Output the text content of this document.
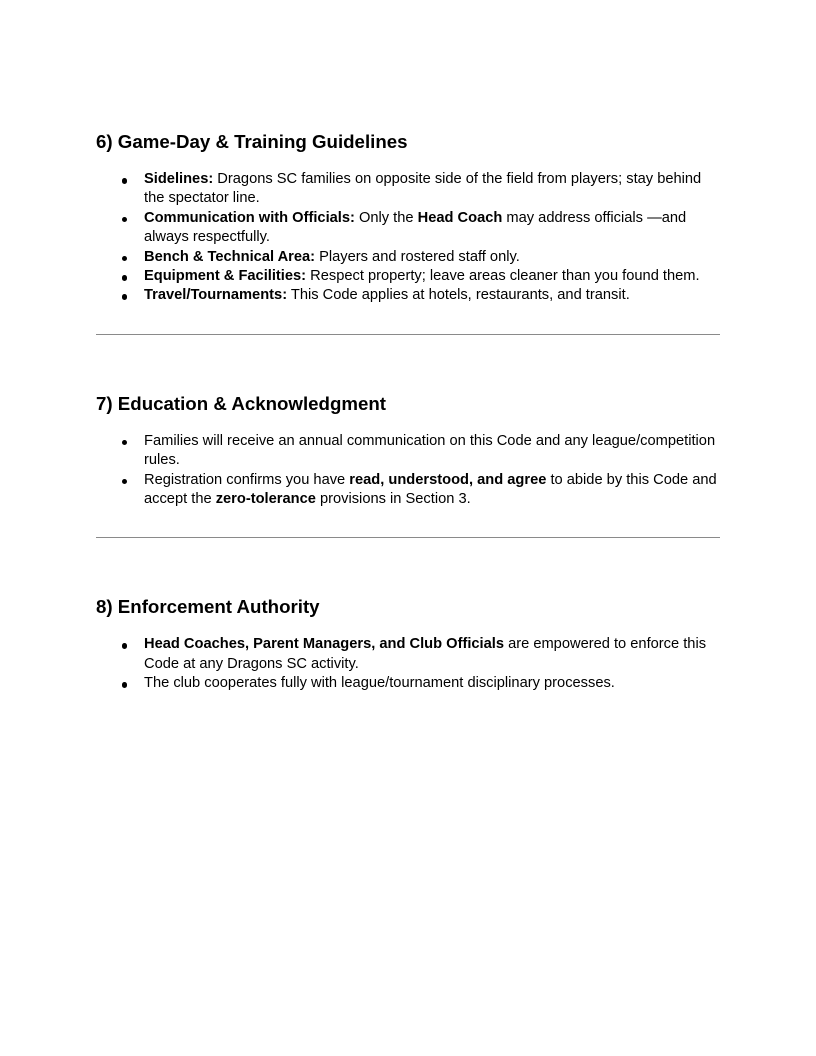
6) Game‑Day & Training Guidelines
Sidelines: Dragons SC families on opposite side of the field from players; stay behind the spectator line.
Communication with Officials: Only the Head Coach may address officials —and always respectfully.
Bench & Technical Area: Players and rostered staff only.
Equipment & Facilities: Respect property; leave areas cleaner than you found them.
Travel/Tournaments: This Code applies at hotels, restaurants, and transit.
7) Education & Acknowledgment
Families will receive an annual communication on this Code and any league/competition rules.
Registration confirms you have read, understood, and agree to abide by this Code and accept the zero‑tolerance provisions in Section 3.
8) Enforcement Authority
Head Coaches, Parent Managers, and Club Officials are empowered to enforce this Code at any Dragons SC activity.
The club cooperates fully with league/tournament disciplinary processes.
